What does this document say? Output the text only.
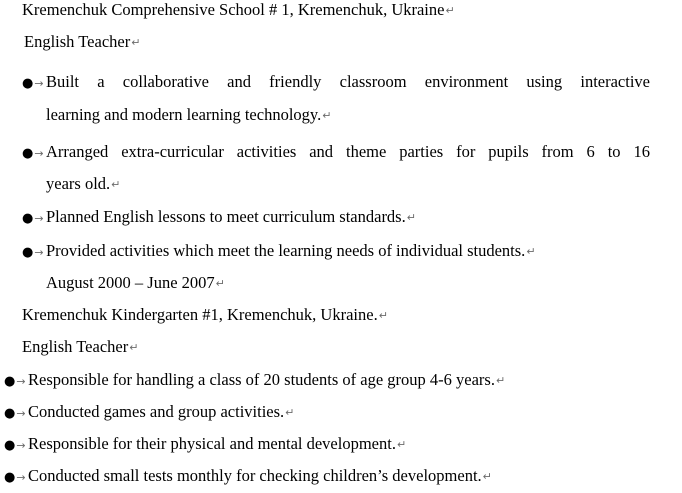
Kremenchuk Comprehensive School # 1, Kremenchuk, Ukraine↵
English Teacher↵
●→ Built a collaborative and friendly classroom environment using interactive
learning and modern learning technology.↵
●→ Arranged extra-curricular activities and theme parties for pupils from 6 to 16
years old.↵
●→ Planned English lessons to meet curriculum standards.↵
●→ Provided activities which meet the learning needs of individual students.↵
August 2000 – June 2007↵
Kremenchuk Kindergarten #1, Kremenchuk, Ukraine.↵
English Teacher↵
●→ Responsible for handling a class of 20 students of age group 4-6 years.↵
●→ Conducted games and group activities.↵
●→ Responsible for their physical and mental development.↵
●→ Conducted small tests monthly for checking children’s development.↵
